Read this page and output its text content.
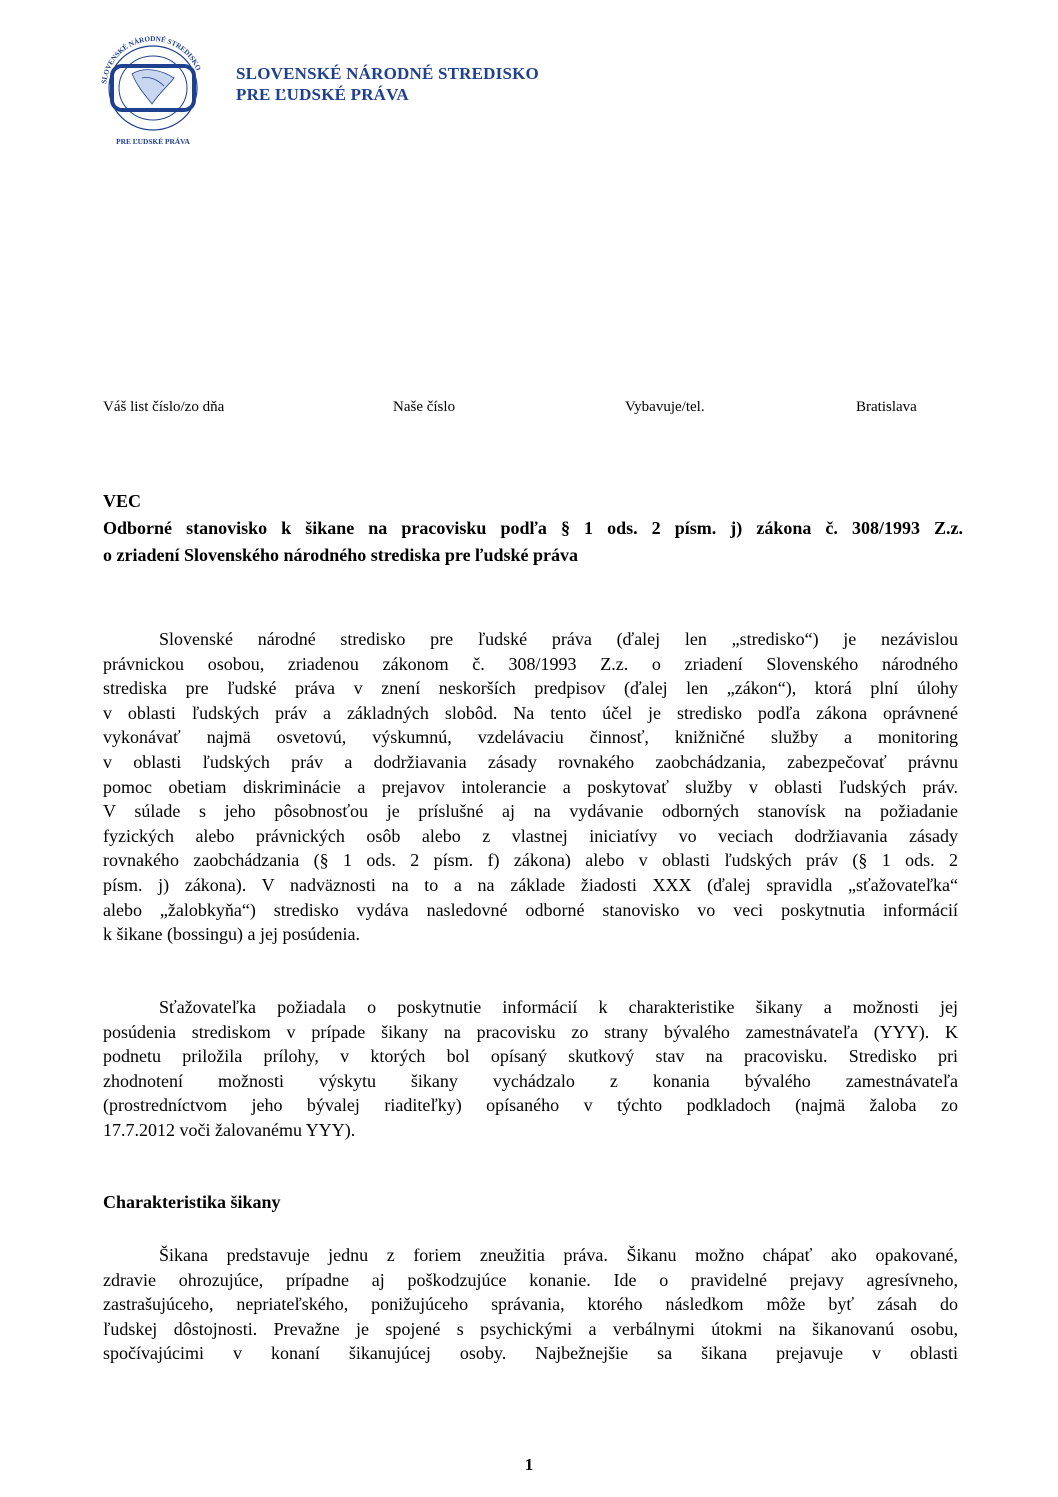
SLOVENSKÉ NÁRODNÉ STREDISKO
PRE ĽUDSKÉ PRÁVA
SLOVENSKÉ NÁRODNÉ STREDISKO
PRE ĽUDSKÉ PRÁVA
Váš list číslo/zo dňa	Naše číslo	Vybavuje/tel.	Bratislava
VEC
Odborné stanovisko k šikane na pracovisku podľa § 1 ods. 2 písm. j) zákona č. 308/1993 Z.z.
o zriadení Slovenského národného strediska pre ľudské práva
Slovenské národné stredisko pre ľudské práva (ďalej len „stredisko“) je nezávislou
právnickou osobou, zriadenou zákonom č. 308/1993 Z.z. o zriadení Slovenského národného
strediska pre ľudské práva v znení neskorších predpisov (ďalej len „zákon“), ktorá plní úlohy
v oblasti ľudských práv a základných slobôd. Na tento účel je stredisko podľa zákona oprávnené
vykonávať najmä osvetovú, výskumnú, vzdelávaciu činnosť, knižničné služby a monitoring
v oblasti ľudských práv a dodržiavania zásady rovnakého zaobchádzania, zabezpečovať právnu
pomoc obetiam diskriminácie a prejavov intolerancie a poskytovať služby v oblasti ľudských práv.
V súlade s jeho pôsobnosťou je príslušné aj na vydávanie odborných stanovísk na požiadanie
fyzických alebo právnických osôb alebo z vlastnej iniciatívy vo veciach dodržiavania zásady
rovnakého zaobchádzania (§ 1 ods. 2 písm. f) zákona) alebo v oblasti ľudských práv (§ 1 ods. 2
písm. j) zákona). V nadväznosti na to a na základe žiadosti XXX (ďalej spravidla „sťažovateľka“
alebo „žalobkyňa“) stredisko vydáva nasledovné odborné stanovisko vo veci poskytnutia informácií
k šikane (bossingu) a jej posúdenia.
Sťažovateľka požiadala o poskytnutie informácií k charakteristike šikany a možnosti jej
posúdenia strediskom v prípade šikany na pracovisku zo strany bývalého zamestnávateľa (YYY). K
podnetu priložila prílohy, v ktorých bol opísaný skutkový stav na pracovisku. Stredisko pri
zhodnotení možnosti výskytu šikany vychádzalo z konania bývalého zamestnávateľa
(prostredníctvom jeho bývalej riaditeľky) opísaného v týchto podkladoch (najmä žaloba zo
17.7.2012 voči žalovanému YYY).
Charakteristika šikany
Šikana predstavuje jednu z foriem zneužitia práva. Šikanu možno chápať ako opakované,
zdravie ohrozujúce, prípadne aj poškodzujúce konanie. Ide o pravidelné prejavy agresívneho,
zastrašujúceho, nepriateľského, ponižujúceho správania, ktorého následkom môže byť zásah do
ľudskej dôstojnosti. Prevažne je spojené s psychickými a verbálnymi útokmi na šikanovanú osobu,
spočívajúcimi v konaní šikanujúcej osoby. Najbežnejšie sa šikana prejavuje v oblasti
1
